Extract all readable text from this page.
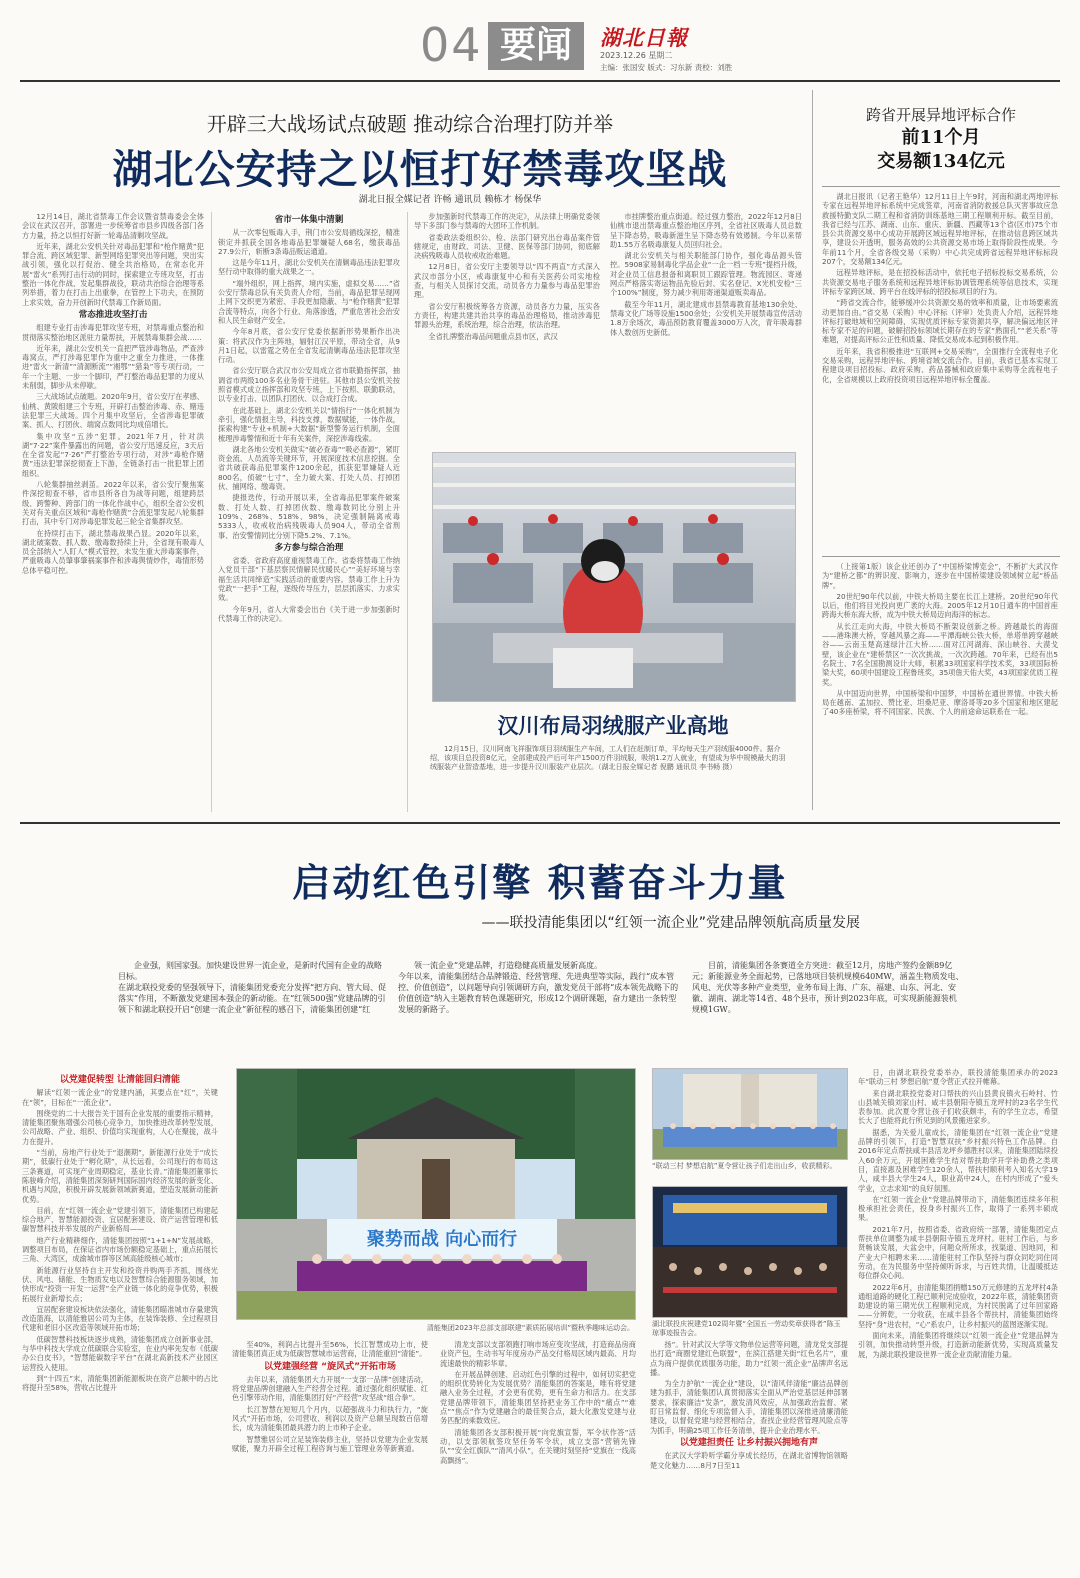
04 要闻	湖北日報
2023.12.26 星期二
主编：张国安 版式：习东新 责校：刘胜
开辟三大战场试点破题 推动综合治理打防并举
湖北公安持之以恒打好禁毒攻坚战
湖北日报全媒记者 许畅 通讯员 赖栋才 杨保华

12月14日，湖北省禁毒工作会议暨省禁毒委会全体会议在武汉召开，部署进一步统筹省市县乡四级各部门各方力量，持之以恒打好新一轮毒品清剿攻坚战。

近年来，湖北公安机关针对毒品犯罪和“枪作赌黄”犯罪合流、跨区域犯罪、新型网络犯罪突出等问题，突出实战引领，强化以打促治、健全共治格局，在常态化开展“雷火”系列打击行动的同时，探索建立专班攻坚，打击整治一体化作战、发起集群战役，联动共治综合治理等系列举措，着力在打击上出重拳，在管控上下功夫，在预防上求实效，奋力开创新时代禁毒工作新局面。

常态推进攻坚打击

组建专业打击涉毒犯罪攻坚专班，对禁毒重点整治和贯彻落实整治地区派驻力量帮扶，开展禁毒集群会战……

近年来，湖北公安机关一直把严管涉毒物品，严查涉毒窝点，严打涉毒犯罪作为重中之重全力推进，一体推进“雷火一新清”“清源断流”“湘鄂”“猎枭”等专项行动，一年一个主题、一步一个脚印，严打整治毒品犯罪的力度从未削弱，脚步从未停歇。

三大战场试点破题。2020年9月，省公安厅在孝感、仙桃、黄陂组建三个专班，开辟打击整治涉毒、赤、赌违法犯罪三大战场。四个月集中攻坚后，全省涉毒犯罪破案、抓人、打团伙、端窝点数同比均成倍增长。

集中攻坚“五涉”犯罪。2021年7月，针对洪湖“7·22”案件暴露出的问题，省公安厅迅速反应，3天后在全省发起“7·26”严打整治专项行动，对涉“毒枪作赌黄”违法犯罪深挖彻查上下游，全链条打击一批犯罪上团组织。

八轮集群抽丝剥茧。2022年以来，省公安厅聚焦案件深挖彻查不够，省市县所各自为战等问题，组建跨层级、跨警种、跨部门的一体化作战中心，组织全省公安机关对有关重点区域和“毒枪作赌黄”合流犯罪发起八轮集群打击，其中专门对涉毒犯罪发起三轮全省集群攻坚。

在持续打击下，湖北禁毒战果凸显。2020年以来，湖北破案数、抓人数、缴毒数持续上升，全省现有吸毒人员全部纳入“人盯人”模式管控，未发生重大涉毒案事件，严重吸毒人员肇事肇祸案事件和涉毒舆情炒作，毒情形势总体平稳可控。

省市一体集中清剿

从一次零包贩毒入手，荆门市公安局循线深挖，精准锁定并抓获全国各地毒品犯罪嫌疑人68名，缴获毒品27.9公斤，斩断3条毒品贩运通道。

这是今年11月，湖北公安机关在清剿毒品违法犯罪攻坚行动中取得的重大战果之一。

“端外组织，网上指挥，境内实施，虚拟交易……”省公安厅禁毒总队有关负责人介绍，当前，毒品犯罪呈现网上网下交织更为紧密、手段更加隐蔽、与“枪作赌黄”犯罪合流等特点，向各个行业、角落渗透，严重危害社会治安和人民生命财产安全。

今年8月底，省公安厅党委依据新形势果断作出决策：将武汉作为主阵地，辐射江汉平原，带动全省，从9月1日起，以雷霆之势在全省发起清剿毒品违法犯罪攻坚行动。

省公安厅联合武汉市公安局成立省市联勤指挥部，抽调省市两级100多名业务骨干进驻。其他市县公安机关按照省模式成立指挥部和攻坚专班，上下按照、联勤联动，以专业打击、以团队打团伙、以合成打合成。

在此基础上，湖北公安机关以“情指行”一体化机制为牵引，强化情报主导，科技支撑，数据赋能，一体作战，探索构建“专业+机制+大数据”新型警务运行机制，全面梳理涉毒警情和近十年有关案件，深挖涉毒线索。

湖北各地公安机关做实“破必查毒”“吸必查源”，紧盯资金流、人员流等关键环节，开展深度技术信息挖掘。全省共破获毒品犯罪案件1200余起，抓获犯罪嫌疑人近800名，侦破“七寸”，全力破大案、打处人员、打掉团伙、捕网络、缴毒资。

捷报迭传，行动开展以来，全省毒品犯罪案件破案数、打处人数、打掉团伙数、缴毒数同比分别上升109%、268%、518%、98%，决定强制隔离戒毒5333人，收戒收治病残吸毒人员904人，带动全省刑事、治安警情同比分别下降5.2%、7.1%。

多方参与综合治理

省委、省政府高度重视禁毒工作。省委将禁毒工作纳入党员干部“下基层察民情解民忧暖民心”“美好环境与幸福生活共同缔造”实践活动的重要内容。禁毒工作上升为党政“一把手”工程，逐级传导压力，层层抓落实、力求实效。

今年9月，省人大常委会出台《关于进一步加强新时代禁毒工作的决定》。

步加强新时代禁毒工作的决定》，从法律上明确党委领导下多部门参与禁毒的大团环工作机制。

省委政法委组织公、检、法部门研究出台毒品案件管辖规定，由财政、司法、卫健、医保等部门协同，彻底解决病残吸毒人员收戒收治难题。

12月8日，省公安厅主要领导以“四不两直”方式深入武汉市部分小区，戒毒康复中心和有关医药公司实地检查，与相关人员探讨交流，动员各方力量参与毒品犯罪治理。

省公安厅积极统筹各方资源，动员各方力量，压实各方责任，构建共建共治共享的毒品治理格局，推动涉毒犯罪源头治理，系统治理，综合治理，依法治理。

全省扎牌整治毒品问题重点县市区，武汉

市挂牌整治重点街道。经过强力整治，2022年12月8日仙桃市退出禁毒重点整治地区序列，全省社区吸毒人员总数呈下降态势，吸毒新滋生呈下降态势有效遏制。今年以来帮助1.55万名吸毒康复人员回归社会。

湖北公安机关与相关职能部门协作，强化毒品源头管控。5908家易制毒化学品企业“一企一档一专班”提档升级，对企业员工信息报备和离职员工跟踪管理。物流园区、寄递网点严格落实寄运物品先验后封、实名登记、X光机安检“三个100%”制度，努力减少利用寄递渠道贩卖毒品。

截至今年11月，湖北建成市县禁毒教育基地130余处、禁毒文化广场等设施1500余处；公安机关开展禁毒宣传活动1.8万余场次，毒品预防教育覆盖3000万人次，青年吸毒群体人数创历史新低。

汉川布局羽绒服产业高地
12月15日，汉川阿南飞祥服饰项目羽绒服生产车间，工人们在赶制订单，平均每天生产羽绒服4000件。据介绍，该项目总投资8亿元，全部建成投产后可年产1500万件羽绒服，吸纳1.2万人就业，有望成为华中规模最大的羽绒服装产业智造基地，进一步提升汉川服装产业层次。（湖北日报全媒记者 倪鹏 通讯员 李书畅 摄）
跨省开展异地评标合作
前11个月
交易额134亿元

湖北日报讯（记者王艳华）12月11日上午9时，河南和湖北两地评标专家在远程异地评标系统中完成签章，河南省消防救援总队灭害事故应急救援特勤支队二期工程和省消防训练基地三期工程顺利开标。截至目前，我省已经与江苏、湖南、山东、重庆、新疆、西藏等13个省(区市)75个市县公共资源交易中心成功开展跨区域远程异地评标，在推动信息跨区域共享，建设公开透明，服务高效的公共资源交易市场上取得阶段性成果。今年前11个月，全省各级交易（采购）中心共完成跨省远程异地评标标段207个，交易额134亿元。

远程异地评标，是在招投标活动中，依托电子招标投标交易系统，公共资源交易电子服务系统和远程异地评标协调管理系统等信息技术，实现评标专家跨区域、跨平台在线评标的招投标项目的行为。

“跨省交流合作，能够缓冲公共资源交易的效率和质量，让市场要素流动更加自由。”省交易（采购）中心评标（评审）处负责人介绍，远程异地评标打破地域和空间障碍，实现优质评标专家资源共享，解决偏远地区评标专家不足的问题，破解招投标领域长期存在的专家“熟面孔”“老关系”等难题，对提高评标公正性和质量、降低交易成本起到积极作用。

近年来，我省积极推进“互联网+交易采购”，全面推行全流程电子化交易采购，远程异地评标、跨境省域交流合作。目前，我省已基本实现工程建设项目招投标、政府采购、药品器械和政府集中采购等全流程电子化，全省规模以上政府投资项目远程异地评标全覆盖。

（上接第1版）该企业还创办了“中国桥梁博览会”，不断扩大武汉作为“建桥之都”的辨识度、影响力，逐步在中国桥梁建设领域树立起“桥品牌”。

20世纪90年代以前，中铁大桥局主要在长江上建桥。20世纪90年代以后，他们将目光投向更广袤的大海。2005年12月10日通车的中国首座跨海大桥东海大桥，成为中铁大桥局迈向海洋的标志。

从长江走向大海，中铁大桥局不断架设创新之桥。跨越最长的海面——港珠澳大桥，穿越风暴之海——平潭海峡公铁大桥，单塔单跨穿越峡谷——云南玉楚高速绿汁江大桥……面对江河湖海、深山峡谷、大漠戈壁，该企业在“建桥禁区”一次次挑战，一次次跨越。70年来，已经有出5名院士、7名全国勘测设计大师，积累33项国家科学技术奖，33项国际桥梁大奖，60项中国建设工程鲁班奖，35项詹天佑大奖，43项国家优质工程奖。

从中国迈向世界，中国桥梁和中国梦，中国桥在通世界情。中铁大桥局在越南、孟加拉、赞比亚、坦桑尼亚、摩洛哥等20多个国家和地区建起了40多座桥梁，将不同国家、民族、个人的前途命运联系在一起。

启动红色引擎 积蓄奋斗力量
——联投清能集团以“红领一流企业”党建品牌领航高质量发展
企业强，则国家强。加快建设世界一流企业，是新时代国有企业的战略目标。
在湖北联投党委的坚强领导下，清能集团党委充分发挥“把方向、管大局、促落实”作用，不断激发党建国本强企的新动能。在“红领500强”党建品牌的引领下和湖北联投开启“创建一流企业”新征程的感召下，清能集团创建“红
领一流企业”党建品牌，打造稳健高质量发展新高度。
今年以来，清能集团结合品牌锻造、经营管理、先进典型等实际，践行“成本管控、价值创造”，以问题导向引领调研方向，激发党员干部将“成本领先战略下的价值创造”纳入主题教育转色课题研究，形成12个调研课题，奋力建出一条转型发展的新路子。
目前，清能集团各条赛道全方突进：截至12月，房地产签约金额89亿元；新能源业务全面起势，已落地项目装机规模640MW，涵盖生物质发电、风电、光伏等多种产业类型，业务布局上海、广东、福建、山东、河北、安徽、湖南、湖北等14省、48个县市，预计到2023年底，可实现新能源装机规模1GW。
以党建促转型 让清能回归清能

解读“红领一流企业”的党建内涵，其要点在“红”，关键在“领”，目标在“一流企业”。

围绕党的二十大报告关于国有企业发展的重要指示精神，清能集团聚焦增强公司核心竞争力，加快推进改革转型发展，公司战略、产业、组织、价值均实现重构，人心在聚拢，战斗力在提升。

“当前，房地产行业处于“退潮期”，新能源行业处于“成长期”，低碳行业处于“孵化期”，从长远看，公司现行的布局这三条赛道，可实现产业周期稳定，基业长青。”清能集团董事长陈骏峰介绍，清能集团深刻研判国际国内经济发展的新变化、机遇与风险，积极开辟发展新领域新赛道，塑造发展新动能新优势。

目前，在“红领一流企业”党建引领下，清能集团已构建起综合地产、智慧能源投资、宜居配套建设、资产运营管理和低碳智慧科技并举发展的产业新格局——

地产行业精耕细作，清能集团按照“1+1+N”发展战略，调整项目布局，在保证省内市场份额稳定基础上，重点拓展长三角、大湾区，成渝城市群等区域高能级核心城市；

新能源行业坚持自主开发和投资并购两手齐抓，围绕光伏、风电、储能、生物质发电以及智慧综合能源服务领域，加快形成“投资一开发一运营”全产业链一体化的竞争优势，积极拓展行业新增长点；

宜居配套建设板块依法强化，清能集团瞄准城市存量建筑改造篮海，以清能雅居公司为主体，在装饰装修、全过程项目代建和老旧小区改造等领域开拓市场；

低碳智慧科技板块逐步成熟，清能集团成立创新事业部，与华中科技大学成立低碳联合实验室，在业内率先发布《低碳办公白皮书》，“智慧能碳数字平台”在湖北高新技术产业园区运营投入使用。

到“十四五”末，清能集团新能源板块在资产总额中的占比将提升至58%，营收占比提升

聚势而战 向心而行
清能集团2023年总部支部联建“素质拓展培训”暨秋季趣味运动会。

至40%，利润占比提升至56%，长江智慧成功上市，使清能集团真正成为低碳智慧城市运营商，让清能重回“清能”。

以党建强经营 “旋风式”开拓市场

去年以来，清能集团大力开展“一支部一品牌”创建活动，将党建品牌创建融入生产经营全过程。通过强化组织赋能、红色引擎带动作用，清能集团打好“产经营”攻坚战“组合拳”。

长江智慧在短短几个月内，以超强战斗力和执行力，“旋风式”开拓市场，公司营收、利润以及资产总额呈现数百倍增长，成为清能集团最具潜力的上市种子企业。

智慧雅居公司立足装饰装修主业，坚持以党建为企业发展赋能，聚力开辟全过程工程咨询与施工管理业务等新赛道。

清龙支部以支部领跑打响市场应变攻坚战，打造商品房商业资产包，生动书写年度房办产品交付格局区域内最高、月均流速最快的精彩华章。

在开展品牌创建、启动红色引擎的过程中，如何切实把党的组织优势转化为发展优势？清能集团的答案是，唯有将党建融入业务全过程，才会更有优势，更有生命力和活力。在支部党建品牌带领下，清能集团坚持把业务工作中的“痛点”“难点”“焦点”作为党建融合的最佳契合点，最大化激发党建与业务匹配的乘数效应。

清能集团各支部积极开展“向党旗宣誓，军令状作答”活动，以支部领航签攻坚任务军令状，成立支部“营销先锋队”“安全红旗队”“清风小队”，在关键时刻坚持“党旗在一线高高飘扬”。

“联动三村 梦想启航”夏令营让孩子们走出山乡，收获精彩。
湖北联投庆祝建党102周年暨“全国五一劳动奖章获得者”陈玉琼事迹报告会。

扬”。针对武汉大学等文物单位运营等问题，清龙党支部提出打造“商圈党建红色联盟”，在滨江搭建关街“红色名片”，重点为商户提供优质服务功能，助力“红领一流企业”品牌声名远播。

为全力护航“一流企业”建设，以“清风伴清能”廉洁品牌创建为抓手，清能集团认真贯彻落实全面从严治党基层延伸部署要求，探索廉洁“发条”，激发清风效应，从加强政治监督、紧盯日常监督、细化专项监督入手，清能集团以深推进清廉清能建设，以督促党建与经营相结合，查找企业经营管理风险点等为抓手，明确25项工作任务清单，提升企业治理水平。

以党建担责任 让乡村振兴拥地有声

在武汉大学聆听学霸分享成长经历，在湖北省博物馆领略楚文化魅力……8月7日至11

日，由湖北联投党委举办，联投清能集团承办的2023年“联动三村 梦想启航”夏令营正式拉开帷幕。

来自湖北联投党委对口帮扶的兴山县黄良镇火石岭村、竹山县城关镇刘家山村、咸丰县朝阳寺镇五龙坪村的23名学生代表参加。此次夏令营让孩子们收获颇丰，有的学生立志，希望长大了也能将此行所见到的风景搬进家乡。

据悉，为关爱儿童成长，清能集团在“红领一流企业”党建品牌的引领下，打造“智慧双扶”乡村振兴特色工作品牌。自2016年定点帮扶咸丰县活龙坪乡德胜村以来，清能集团陆续投入60余万元，开展困难学生结对帮扶助学开学补助费之类项目，直接惠及困难学生120余人，帮扶村顺利考入知名大学19人，咸丰县大学生24人，职业高中24人，在村内形成了“爱头学业，立志求知”的良好氛围。

在“红领一流企业”党建品牌带动下，清能集团连续多年积极承担社会责任，投身乡村振兴工作，取得了一系列丰硕成果。

2021年7月，按照省委、省政府统一部署，清能集团定点帮扶单位调整为咸丰县朝阳寺镇五龙坪村。驻村工作后，与乡贤畅谈发展，大盆会中，问题众所所求，找渠道、因地同，和产业大户相聘未来……清能驻村工作队坚持与群众同吃同住同劳动，在为民服务中坚持倾听诉求，与百姓共情，让温暖抵达每位群众心间。

2022年6月，由清能集团捐赠150万元修建的五龙坪村4条通组道路的硬化工程已顺利完成验收，2022年底，清能集团资助建设的第三期光伏工程顺利完成，为村民脱离了过年回家路——分辨乾，一分收获，在咸丰县各个帮扶村，清能集团始终坚持“身”进农村，“心”系农户，让乡村振兴的蓝图逐渐实现。

面向未来，清能集团将继续以“红领一流企业”党建品牌为引领，加快推动转型升级，打造新动能新优势，实现高质量发展，为湖北联投建设世界一流企业贡献清能力量。
